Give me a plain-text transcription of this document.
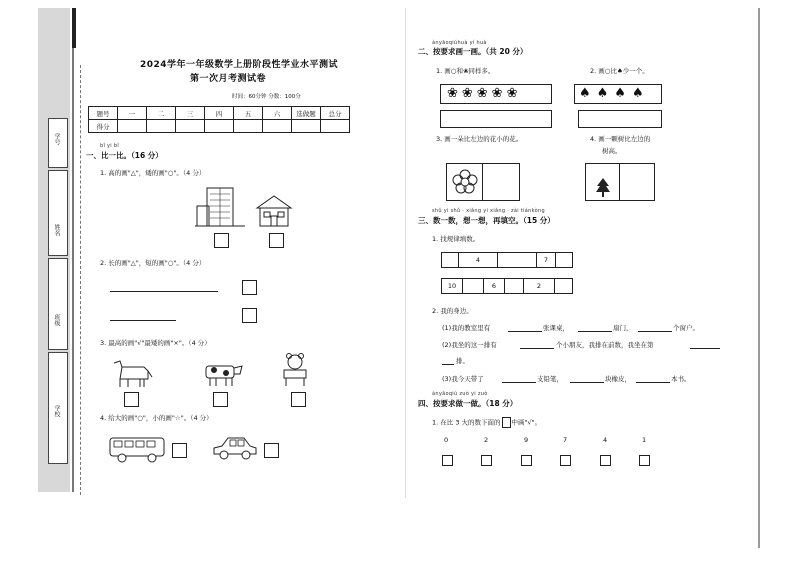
学号
姓名
班级
学校
2024学年一年级数学上册阶段性学业水平测试
第一次月考测试卷
时间：60分钟 分数：100分
题号	一	二	三	四	五	六	选做题	总分
得分								
bǐ yi bǐ
一、比一比。（16 分）
1. 高的画"△"，矮的画"○"。（4 分）
2. 长的画"△"，短的画"○"。（4 分）
3. 最高的画"√"最矮的画"×"。（4 分）
4. 给大的画"○"，小的画"☆"。（4 分）
ànyāoqiúhuà yí huà
二、按要求画一画。（共 20 分）
1. 画○和❀同样多。
❀❀❀❀❀
2. 画○比♠少一个。
♠♠♠♠
3. 画一朵比左边的花小的花。	4. 画一颗树比左边的
树高。
shǔ yi shǔ · xiǎng yi xiǎng · zài tiánkòng
三、数一数，想一想，再填空。（15 分）
1. 找规律填数。
4	7
10	6	2
2. 我的身边。
(1)我的教室里有	张课桌，	扇门，	个窗户。
(2)我坐的这一排有	个小朋友，我排在前数，我坐在第
排。
(3)我今天带了	支铅笔，	块橡皮，	本书。
ànyāoqiú zuò yi zuò
四、按要求做一做。（18 分）
1. 在比 3 大的数下面的 中画"√"。
0	2	9	7	4	1
